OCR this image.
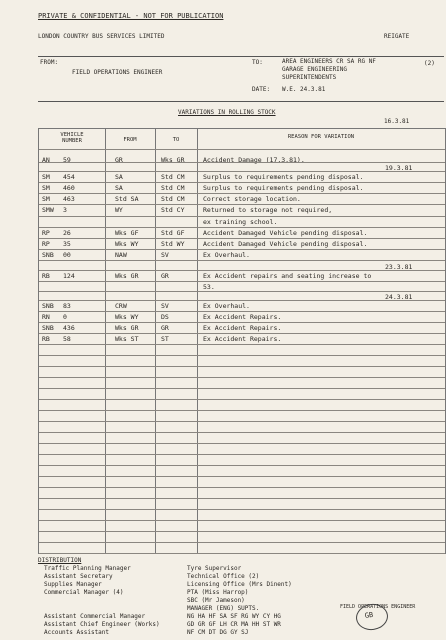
PRIVATE & CONFIDENTIAL - NOT FOR PUBLICATION
LONDON COUNTRY BUS SERVICES LIMITED	REIGATE
FROM:
FIELD OPERATIONS ENGINEER
TO:	AREA ENGINEERS CR SA RG NF
GARAGE ENGINEERING
SUPERINTENDENTS
DATE: W.E. 24.3.81
(2)
VARIATIONS IN ROLLING STOCK
16.3.81
VEHICLE
NUMBER	FROM	TO	REASON FOR VARIATION
AN 59	GR	Wks GR	Accident Damage (17.3.81).
19.3.81
SM 454	SA	Std CM	Surplus to requirements pending disposal.
SM 460	SA	Std CM	Surplus to requirements pending disposal.
SM 463	Std SA	Std CM	Correct storage location.
SMW 3	WY	Std CY	Returned to storage not required,
ex training school.
RP 26	Wks GF	Std GF	Accident Damaged Vehicle pending disposal.
RP 35	Wks WY	Std WY	Accident Damaged Vehicle pending disposal.
SNB 00	NAW	SV	Ex Overhaul.
23.3.81
RB 124	Wks GR	GR	Ex Accident repairs and seating increase to
53.
24.3.81
SNB 83	CRW	SV	Ex Overhaul.
RN 0	Wks WY	DS	Ex Accident Repairs.
SNB 436	Wks GR	GR	Ex Accident Repairs.
RB 58	Wks ST	ST	Ex Accident Repairs.
DISTRIBUTION
Traffic Planning Manager
Assistant Secretary
Supplies Manager
Commercial Manager (4)
Assistant Commercial Manager
Assistant Chief Engineer (Works)
Accounts Assistant
Tyre Supervisor
Technical Office (2)
Licensing Office (Mrs Dinent)
PTA (Miss Harrop)
SBC (Mr Jameson)
MANAGER (ENG) SUPTS.
NG HA HF SA SF RG WY CY HG
GD GR GF LH CR MA HH ST WR
NF CM DT DG GY SJ
FIELD OPERATIONS ENGINEER
GB
